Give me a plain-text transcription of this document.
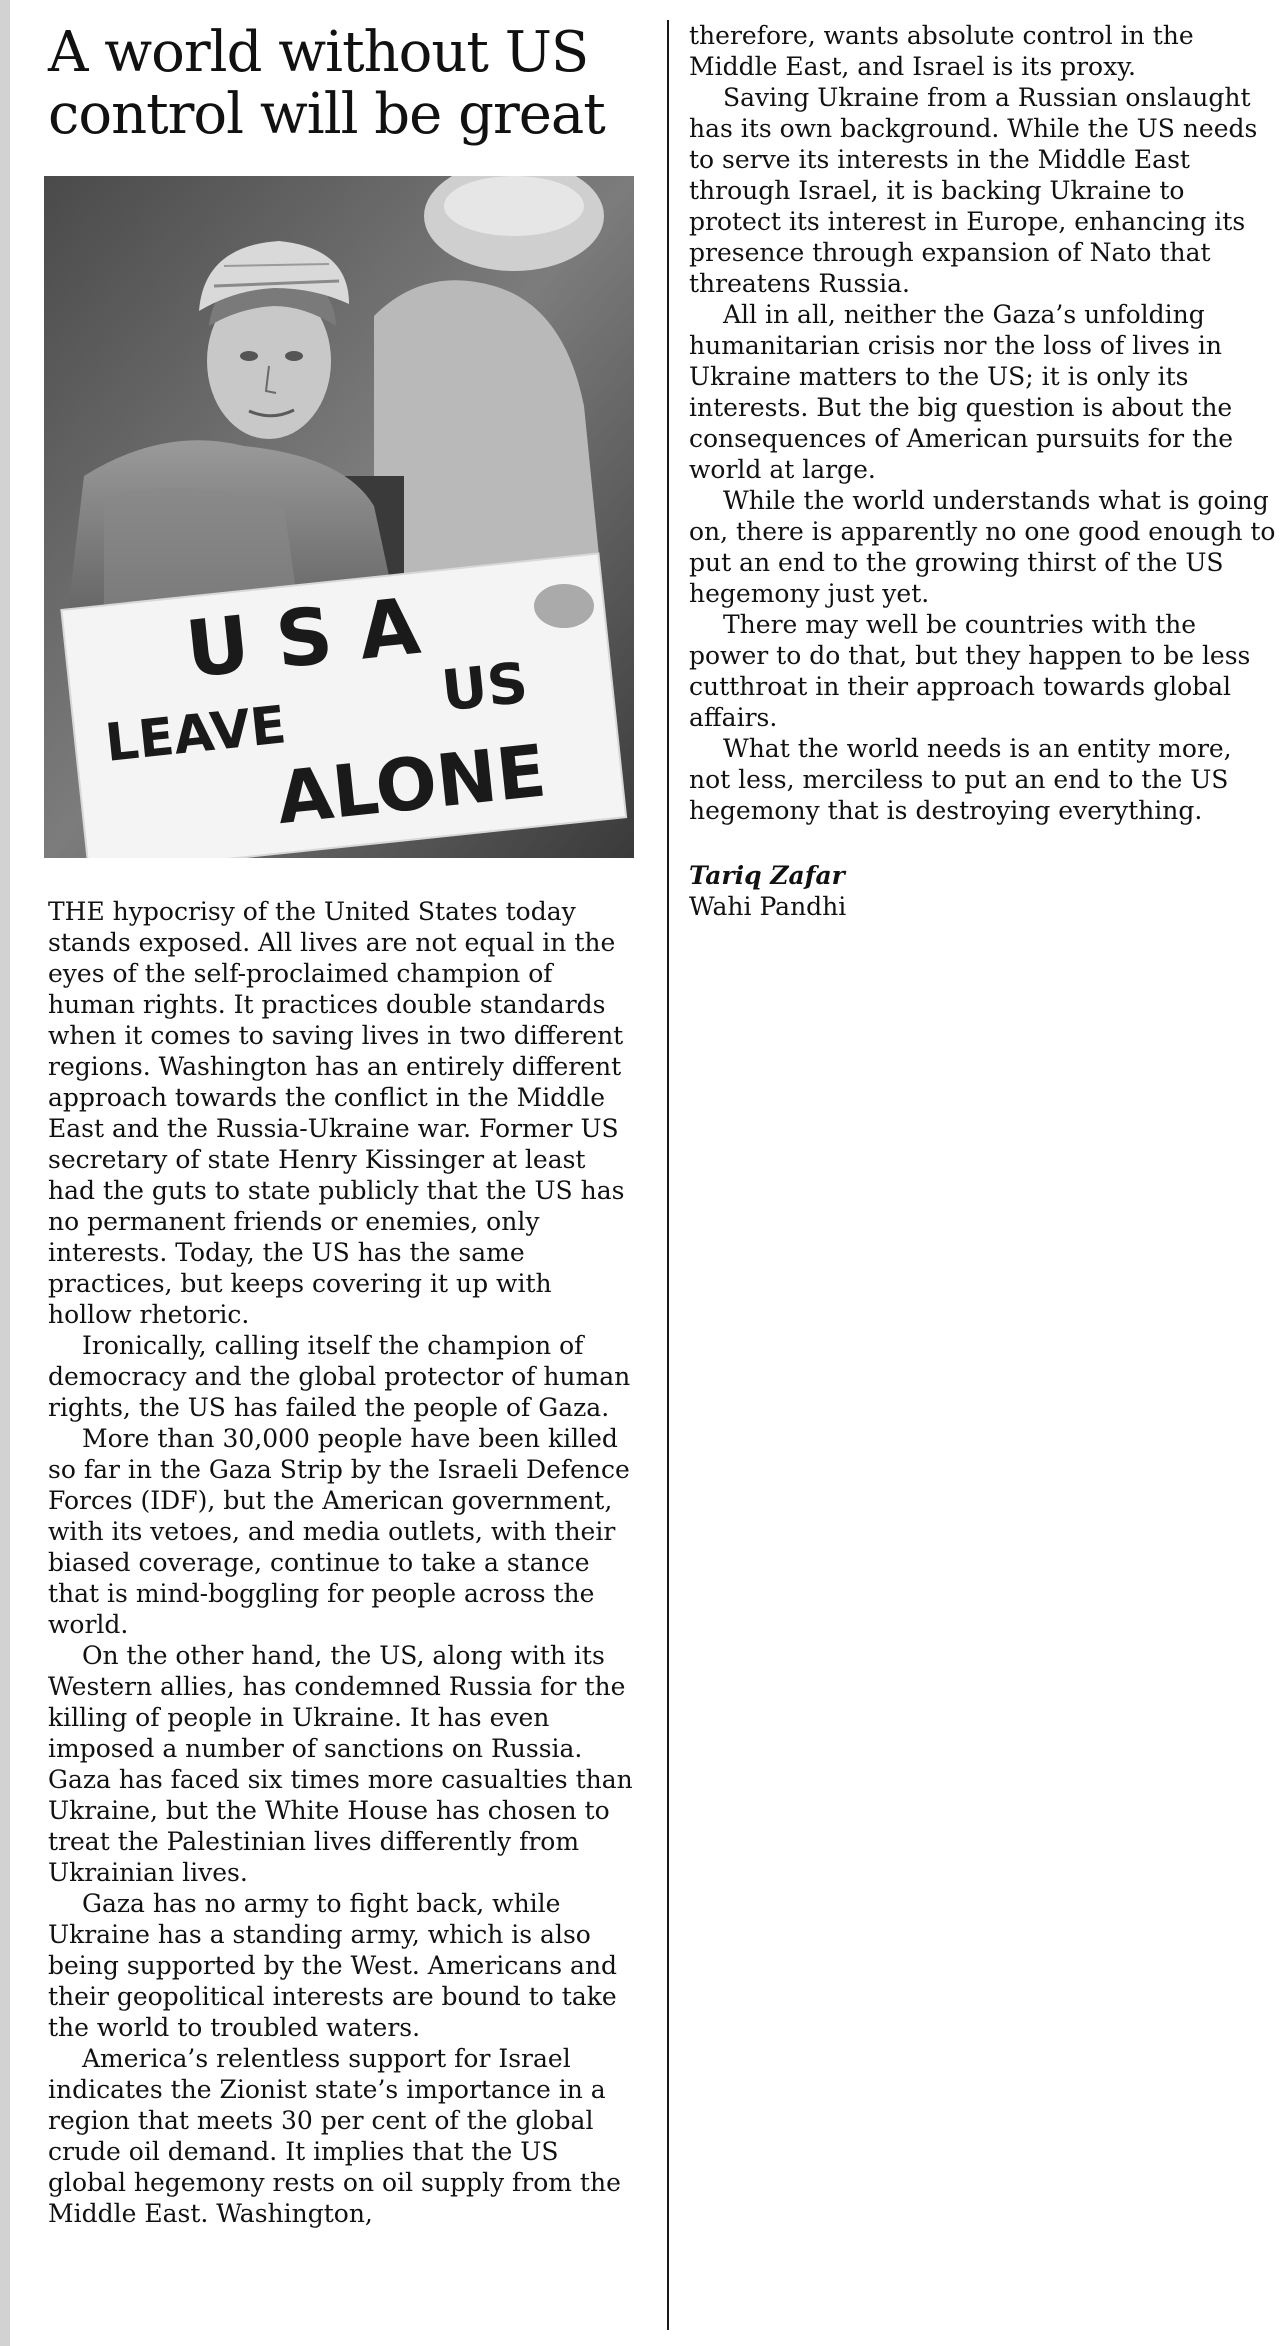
A world without US control will be great
U S A
LEAVE
US
ALONE

THE hypocrisy of the United States today stands exposed. All lives are not equal in the eyes of the self-proclaimed champion of human rights. It practices double standards when it comes to saving lives in two different regions. Washington has an entirely different approach towards the conflict in the Middle East and the Russia-Ukraine war. Former US secretary of state Henry Kissinger at least had the guts to state publicly that the US has no permanent friends or enemies, only interests. Today, the US has the same practices, but keeps covering it up with hollow rhetoric.

Ironically, calling itself the champion of democracy and the global protector of human rights, the US has failed the people of Gaza.

More than 30,000 people have been killed so far in the Gaza Strip by the Israeli Defence Forces (IDF), but the American government, with its vetoes, and media outlets, with their biased coverage, continue to take a stance that is mind-boggling for people across the world.

On the other hand, the US, along with its Western allies, has condemned Russia for the killing of people in Ukraine. It has even imposed a number of sanctions on Russia. Gaza has faced six times more casualties than Ukraine, but the White House has chosen to treat the Palestinian lives differently from Ukrainian lives.

Gaza has no army to fight back, while Ukraine has a standing army, which is also being supported by the West. Americans and their geopolitical interests are bound to take the world to troubled waters.

America’s relentless support for Israel indicates the Zionist state’s importance in a region that meets 30 per cent of the global crude oil demand. It implies that the US global hegemony rests on oil supply from the Middle East. Washington,

therefore, wants absolute control in the Middle East, and Israel is its proxy.

Saving Ukraine from a Russian onslaught has its own background. While the US needs to serve its interests in the Middle East through Israel, it is backing Ukraine to protect its interest in Europe, enhancing its presence through expansion of Nato that threatens Russia.

All in all, neither the Gaza’s unfolding humanitarian crisis nor the loss of lives in Ukraine matters to the US; it is only its interests. But the big question is about the consequences of American pursuits for the world at large.

While the world understands what is going on, there is apparently no one good enough to put an end to the growing thirst of the US hegemony just yet.

There may well be countries with the power to do that, but they happen to be less cutthroat in their approach towards global affairs.

What the world needs is an entity more, not less, merciless to put an end to the US hegemony that is destroying everything.

Tariq Zafar
Wahi Pandhi
